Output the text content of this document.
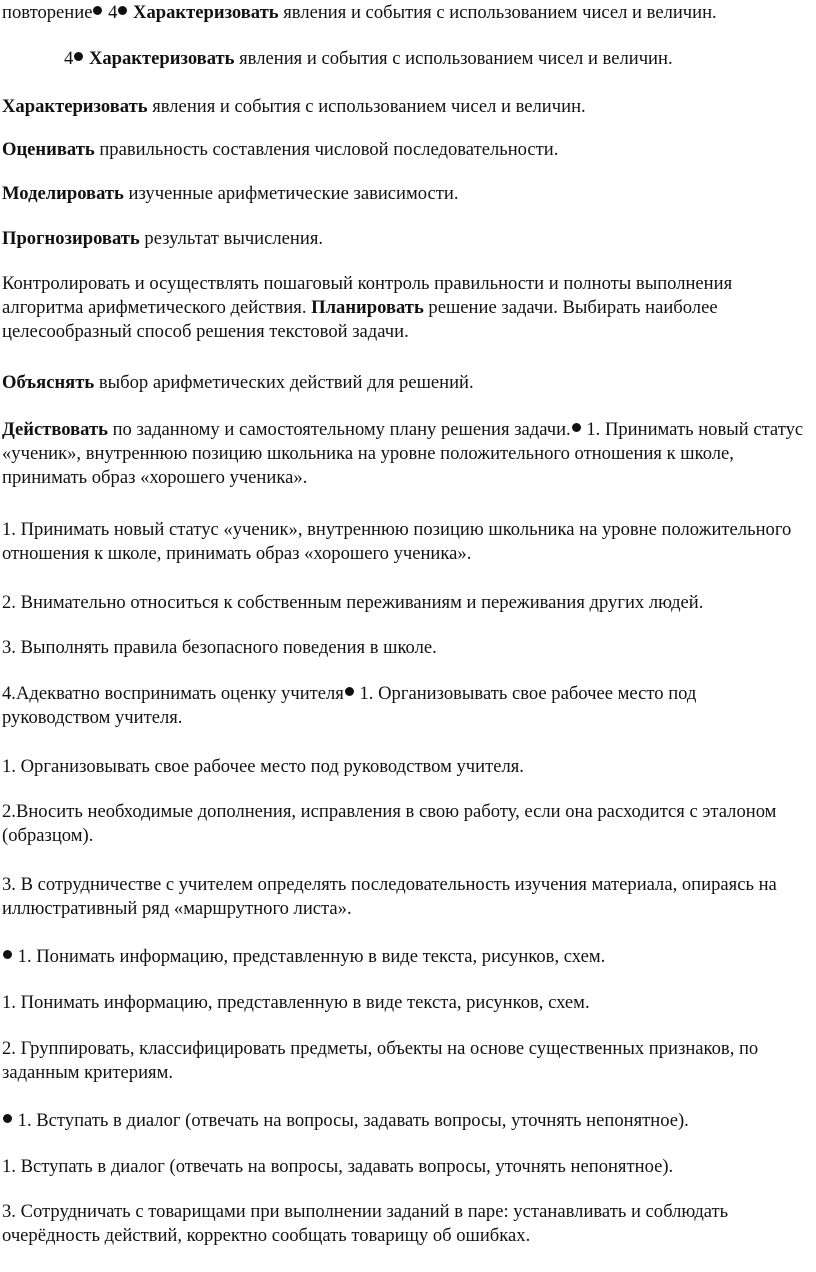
повторение 4 Характеризовать явления и события с использованием чисел и величин.

4 Характеризовать явления и события с использованием чисел и величин.

Характеризовать явления и события с использованием чисел и величин.

Оценивать правильность составления числовой последовательности.

Моделировать изученные арифметические зависимости.

Прогнозировать результат вычисления.

Контролировать и осуществлять пошаговый контроль правильности и полноты выполнения алгоритма арифметического действия. Планировать решение задачи. Выбирать наиболее целесообразный способ решения текстовой задачи.

Объяснять выбор арифметических действий для решений.

Действовать по заданному и самостоятельному плану решения задачи. 1. Принимать новый статус «ученик», внутреннюю позицию школьника на уровне положительного отношения к школе, принимать образ «хорошего ученика».

1. Принимать новый статус «ученик», внутреннюю позицию школьника на уровне положительного отношения к школе, принимать образ «хорошего ученика».

2. Внимательно относиться к собственным переживаниям и переживания других людей.

3. Выполнять правила безопасного поведения в школе.

4.Адекватно воспринимать оценку учителя 1. Организовывать свое рабочее место под руководством учителя.

1. Организовывать свое рабочее место под руководством учителя.

2.Вносить необходимые дополнения, исправления в свою работу, если она расходится с эталоном (образцом).

3. В сотрудничестве с учителем определять последовательность изучения материала, опираясь на иллюстративный ряд «маршрутного листа».

1. Понимать информацию, представленную в виде текста, рисунков, схем.

1. Понимать информацию, представленную в виде текста, рисунков, схем.

2. Группировать, классифицировать предметы, объекты на основе существенных признаков, по заданным критериям.

1. Вступать в диалог (отвечать на вопросы, задавать вопросы, уточнять непонятное).

1. Вступать в диалог (отвечать на вопросы, задавать вопросы, уточнять непонятное).

3. Сотрудничать с товарищами при выполнении заданий в паре: устанавливать и соблюдать очерёдность действий, корректно сообщать товарищу об ошибках.
